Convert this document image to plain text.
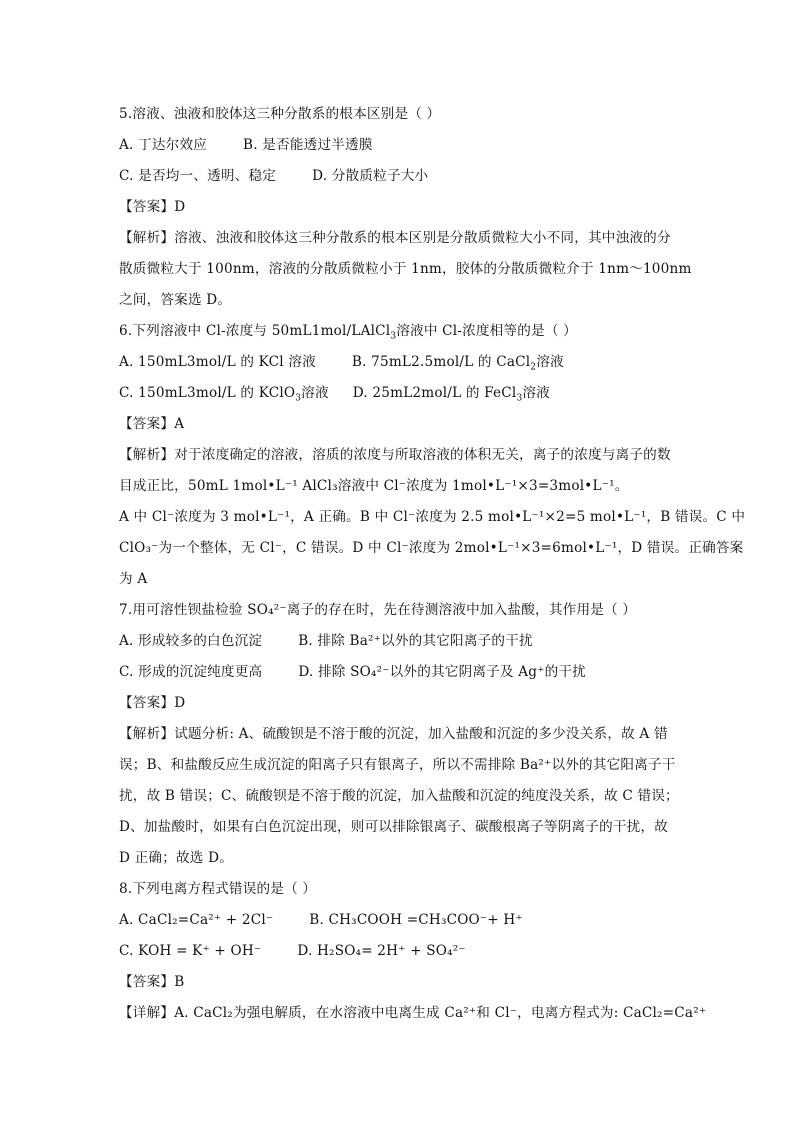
5.溶液、浊液和胶体这三种分散系的根本区别是（ ）
A. 丁达尔效应	B. 是否能透过半透膜
C. 是否均一、透明、稳定	D. 分散质粒子大小
【答案】D
【解析】溶液、浊液和胶体这三种分散系的根本区别是分散质微粒大小不同，其中浊液的分
散质微粒大于 100nm，溶液的分散质微粒小于 1nm，胶体的分散质微粒介于 1nm～100nm
之间，答案选 D。
6.下列溶液中 Cl-浓度与 50mL1mol/LAlCl$_3$溶液中 Cl-浓度相等的是（ ）
A. 150mL3mol/L 的 KCl 溶液	B. 75mL2.5mol/L 的 CaCl$_2$溶液
C. 150mL3mol/L 的 KClO$_3$溶液 D. 25mL2mol/L 的 FeCl$_3$溶液
【答案】A
【解析】对于浓度确定的溶液，溶质的浓度与所取溶液的体积无关，离子的浓度与离子的数
目成正比，50mL 1mol•L⁻¹ AlCl₃溶液中 Cl⁻浓度为 1mol•L⁻¹×3=3mol•L⁻¹。
A 中 Cl⁻浓度为 3 mol•L⁻¹，A 正确。B 中 Cl⁻浓度为 2.5 mol•L⁻¹×2=5 mol•L⁻¹，B 错误。C 中
ClO₃⁻为一个整体，无 Cl⁻，C 错误。D 中 Cl⁻浓度为 2mol•L⁻¹×3=6mol•L⁻¹，D 错误。正确答案
为 A
7.用可溶性钡盐检验 SO₄²⁻离子的存在时，先在待测溶液中加入盐酸，其作用是（ ）
A. 形成较多的白色沉淀	B. 排除 Ba²⁺以外的其它阳离子的干扰
C. 形成的沉淀纯度更高	D. 排除 SO₄²⁻以外的其它阴离子及 Ag⁺的干扰
【答案】D
【解析】试题分析: A、硫酸钡是不溶于酸的沉淀，加入盐酸和沉淀的多少没关系，故 A 错
误；B、和盐酸反应生成沉淀的阳离子只有银离子，所以不需排除 Ba²⁺以外的其它阳离子干
扰，故 B 错误；C、硫酸钡是不溶于酸的沉淀，加入盐酸和沉淀的纯度没关系，故 C 错误；
D、加盐酸时，如果有白色沉淀出现，则可以排除银离子、碳酸根离子等阴离子的干扰，故
D 正确；故选 D。
8.下列电离方程式错误的是（ ）
A. CaCl₂=Ca²⁺ + 2Cl⁻	B. CH₃COOH =CH₃COO⁻+ H⁺
C. KOH = K⁺ + OH⁻	D. H₂SO₄= 2H⁺ + SO₄²⁻
【答案】B
【详解】A. CaCl₂为强电解质，在水溶液中电离生成 Ca²⁺和 Cl⁻，电离方程式为: CaCl₂=Ca²⁺
